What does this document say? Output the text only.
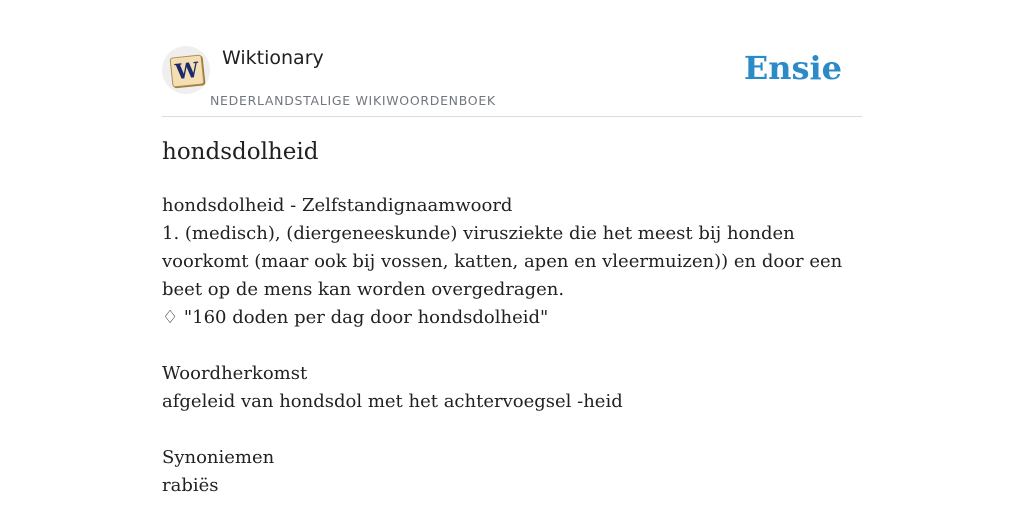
W Wiktionary
NEDERLANDSTALIGE WIKIWOORDENBOEK
Ensie
hondsdolheid

hondsdolheid - Zelfstandignaamwoord

1. (medisch), (diergeneeskunde) virusziekte die het meest bij honden voorkomt (maar ook bij vossen, katten, apen en vleermuizen)) en door een beet op de mens kan worden overgedragen.

♢ "160 doden per dag door hondsdolheid"

Woordherkomst

afgeleid van hondsdol met het achtervoegsel -heid

Synoniemen

rabiës
